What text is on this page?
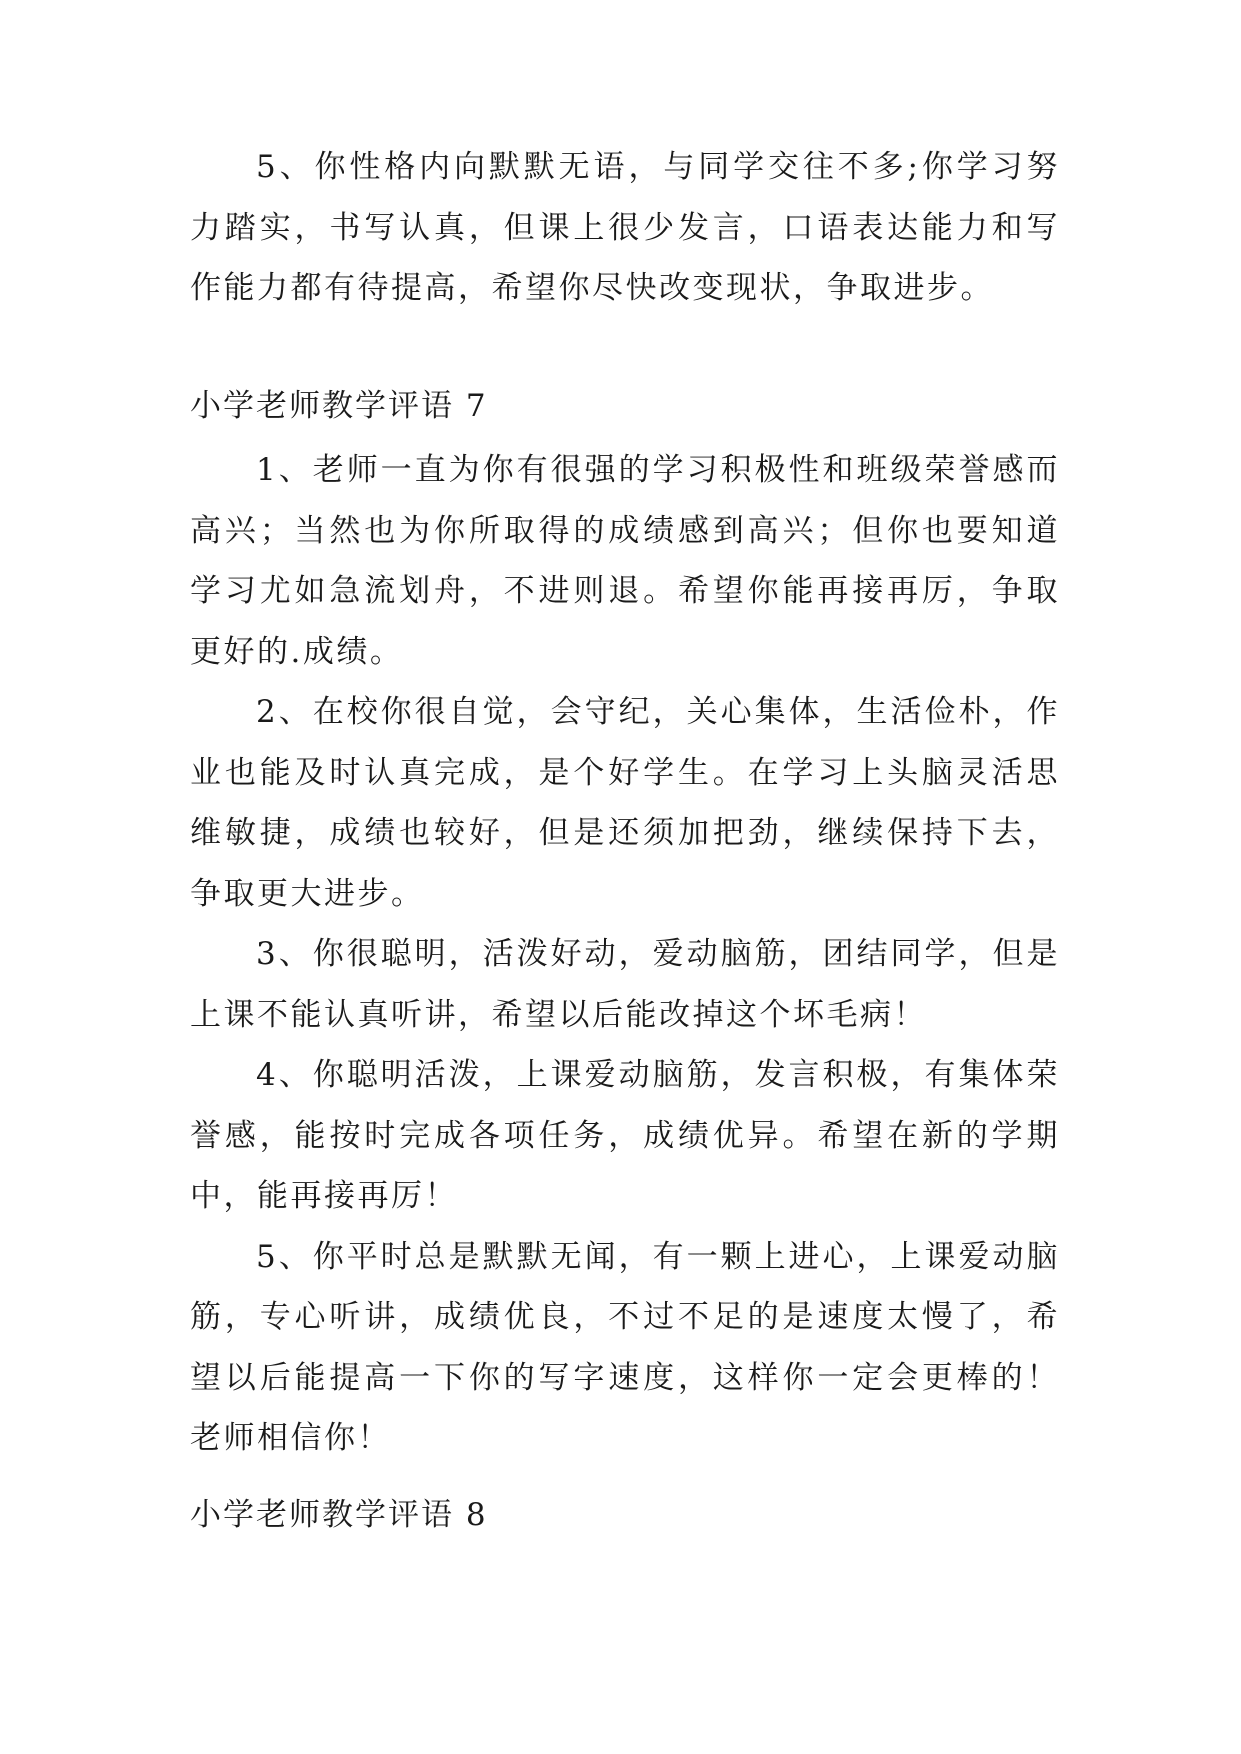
5、你性格内向默默无语，与同学交往不多;你学习努力踏实，书写认真，但课上很少发言，口语表达能力和写作能力都有待提高，希望你尽快改变现状，争取进步。

小学老师教学评语 7

1、老师一直为你有很强的学习积极性和班级荣誉感而高兴；当然也为你所取得的成绩感到高兴；但你也要知道学习尤如急流划舟，不进则退。希望你能再接再厉，争取更好的.成绩。

2、在校你很自觉，会守纪，关心集体，生活俭朴，作业也能及时认真完成，是个好学生。在学习上头脑灵活思维敏捷，成绩也较好，但是还须加把劲，继续保持下去，争取更大进步。

3、你很聪明，活泼好动，爱动脑筋，团结同学，但是上课不能认真听讲，希望以后能改掉这个坏毛病！

4、你聪明活泼，上课爱动脑筋，发言积极，有集体荣誉感，能按时完成各项任务，成绩优异。希望在新的学期中，能再接再厉！

5、你平时总是默默无闻，有一颗上进心，上课爱动脑筋，专心听讲，成绩优良，不过不足的是速度太慢了，希望以后能提高一下你的写字速度，这样你一定会更棒的！老师相信你！

小学老师教学评语 8
